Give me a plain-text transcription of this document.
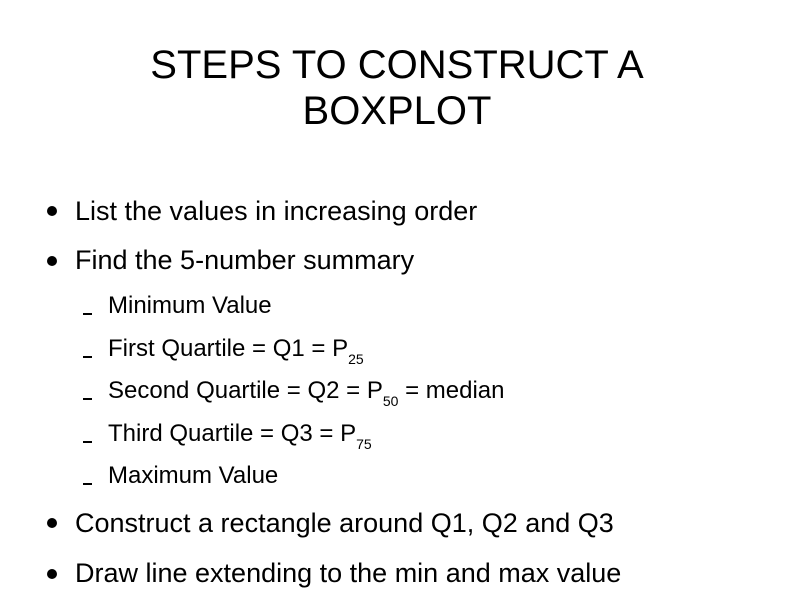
STEPS TO CONSTRUCT A BOXPLOT
List the values in increasing order
Find the 5-number summary
Minimum Value
First Quartile = $Q1 = P_{25}$
Second Quartile = $Q2 = P_{50}$ = median
Third Quartile = $Q3 = P_{75}$
Maximum Value
Construct a rectangle around Q1, Q2 and Q3
Draw line extending to the min and max value
